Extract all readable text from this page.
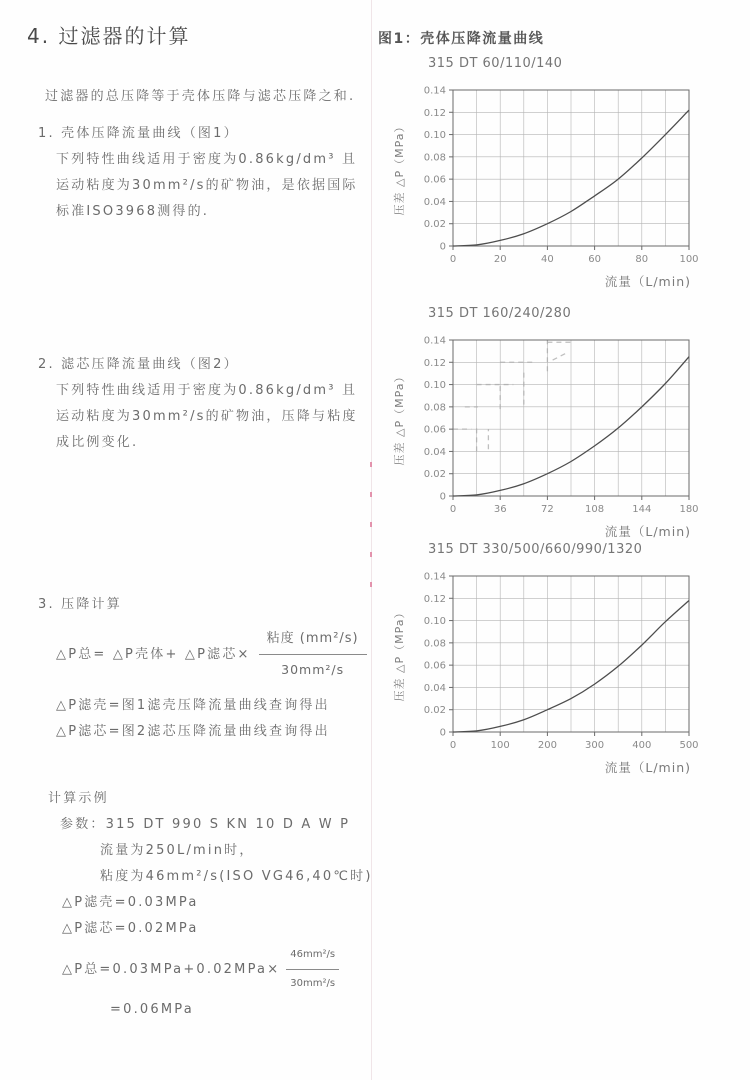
4. 过滤器的计算
过滤器的总压降等于壳体压降与滤芯压降之和.
1. 壳体压降流量曲线（图1）
下列特性曲线适用于密度为0.86kg/dm³ 且
运动粘度为30mm²/s的矿物油，是依据国际
标准ISO3968测得的.
2. 滤芯压降流量曲线（图2）
下列特性曲线适用于密度为0.86kg/dm³ 且
运动粘度为30mm²/s的矿物油，压降与粘度
成比例变化.
3. 压降计算
△P总= △P壳体+ △P滤芯× $\frac{\text{粘度 (mm²/s)}}{\text{30mm²/s}}$
△P滤壳=图1滤壳压降流量曲线查询得出
△P滤芯=图2滤芯压降流量曲线查询得出
计算示例
参数：315 DT 990 S KN 10 D A W P
流量为250L/min时，
粘度为46mm²/s(ISO VG46,40℃时)
△P滤壳=0.03MPa
△P滤芯=0.02MPa
△P总$=0.03MPa+0.02MPa\times \frac{\text{46mm²/s}}{\text{30mm²/s}}$
=0.06MPa
图1：壳体压降流量曲线
315 DT 60/110/140
0	20	40	60	80	100
0
0.02
0.04
0.06
0.08
0.10
0.12
0.14
压差 △P（MPa）
流量（L/min)
315 DT 160/240/280
0	36	72	108	144	180
0
0.02
0.04
0.06
0.08
0.10
0.12
0.14
压差 △P（MPa）
流量（L/min)
315 DT 330/500/660/990/1320
0	100	200	300	400	500
0
0.02
0.04
0.06
0.08
0.10
0.12
0.14
压差 △P（MPa）
流量（L/min)
